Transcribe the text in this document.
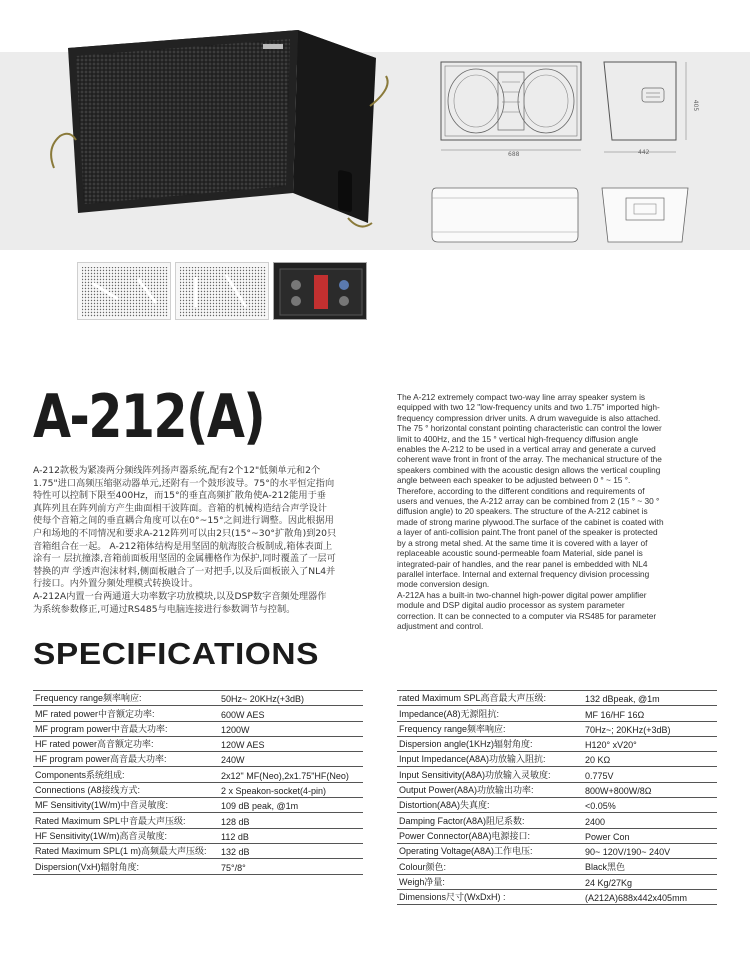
688	442
405
A-212(A)
A-212款极为紧凑两分频线阵列扬声器系统,配有2个12"低频单元和2个
1.75"进口高频压缩驱动器单元,还附有一个鼓形波导。75°的水平恒定指向
特性可以控制下限至400Hz，而15°的垂直高频扩散角使A-212能用于垂
真阵列且在阵列前方产生曲面相干波阵面。音箱的机械构造结合声学设计
使每个音箱之间的垂直耦合角度可以在0°~15°之间进行调整。因此根据用
户和场地的不同情况和要求A-212阵列可以由2只(15°~30°扩散角)到20只
音箱组合在一起。 A-212箱体结构是用坚固的航海胶合板制成,箱体表面上
涂有一 层抗撞漆,音箱前面板用坚固的金属栅格作为保护,同时覆盖了一层可
替换的声 学透声泡沫材料,侧面板融合了一对把手,以及后面板嵌入了NL4并
行接口。内外置分频处理模式转换设计。
A-212A内置一台两通道大功率数字功放模块,以及DSP数字音频处理器作
为系统参数修正,可通过RS485与电脑连接进行参数调节与控制。
The A-212 extremely compact two-way line array speaker system is
equipped with two 12 "low-frequency units and two 1.75" imported high-
frequency compression driver units. A drum waveguide is also attached.
The 75 ° horizontal constant pointing characteristic can control the lower
limit to 400Hz, and the 15 ° vertical high-frequency diffusion angle
enables the A-212 to be used in a vertical array and generate a curved
coherent wave front in front of the array. The mechanical structure of the
speakers combined with the acoustic design allows the vertical coupling
angle between each speaker to be adjusted between 0 ° ~ 15 °.
Therefore, according to the different conditions and requirements of
users and venues, the A-212 array can be combined from 2 (15 ° ~ 30 °
diffusion angle) to 20 speakers. The structure of the A-212 cabinet is
made of strong marine plywood.The surface of the cabinet is coated with
a layer of anti-collision paint.The front panel of the speaker is protected
by a strong metal shed. At the same time it is covered with a layer of
replaceable acoustic sound-permeable foam Material, side panel is
integrated-pair of handles, and the rear panel is embedded with NL4
parallel interface. Internal and external frequency division processing
mode conversion design.
A-212A has a built-in two-channel high-power digital power amplifier
module and DSP digital audio processor as system parameter
correction. It can be connected to a computer via RS485 for parameter
adjustment and control.
SPECIFICATIONS
Frequency range频率响应:	50Hz~ 20KHz(+3dB)
MF rated power中音额定功率:	600W AES
MF program power中音最大功率:	1200W
HF rated power高音额定功率:	120W AES
HF program power高音最大功率:	240W
Components系统组成:	2x12" MF(Neo),2x1.75"HF(Neo)
Connections (A8接线方式:	2 x Speakon-socket(4-pin)
MF Sensitivity(1W/m)中音灵敏度:	109 dB peak, @1m
Rated Maximum SPL中音最大声压级:	128 dB
HF Sensitivity(1W/m)高音灵敏度:	112 dB
Rated Maximum SPL(1 m)高频最大声压级:	132 dB
Dispersion(VxH)辐射角度:	75°/8°
rated Maximum SPL高音最大声压级:	132 dBpeak, @1m
Impedance(A8)无源阻抗:	MF 16/HF 16Ω
Frequency range频率响应:	70Hz~; 20KHz(+3dB)
Dispersion angle(1KHz)辐射角度:	H120° xV20°
Input Impedance(A8A)功放输入阻抗:	20 KΩ
Input Sensitivity(A8A)功放输入灵敏度:	0.775V
Output Power(A8A)功放输出功率:	800W+800W/8Ω
Distortion(A8A)失真度:	<0.05%
Damping Factor(A8A)阻尼系数:	2400
Power Connector(A8A)电源接口:	Power Con
Operating Voltage(A8A)工作电压:	90~ 120V/190~ 240V
Colour颜色:	Black黑色
Weigh净量:	24 Kg/27Kg
Dimensions尺寸(WxDxH) :	(A212A)688x442x405mm
